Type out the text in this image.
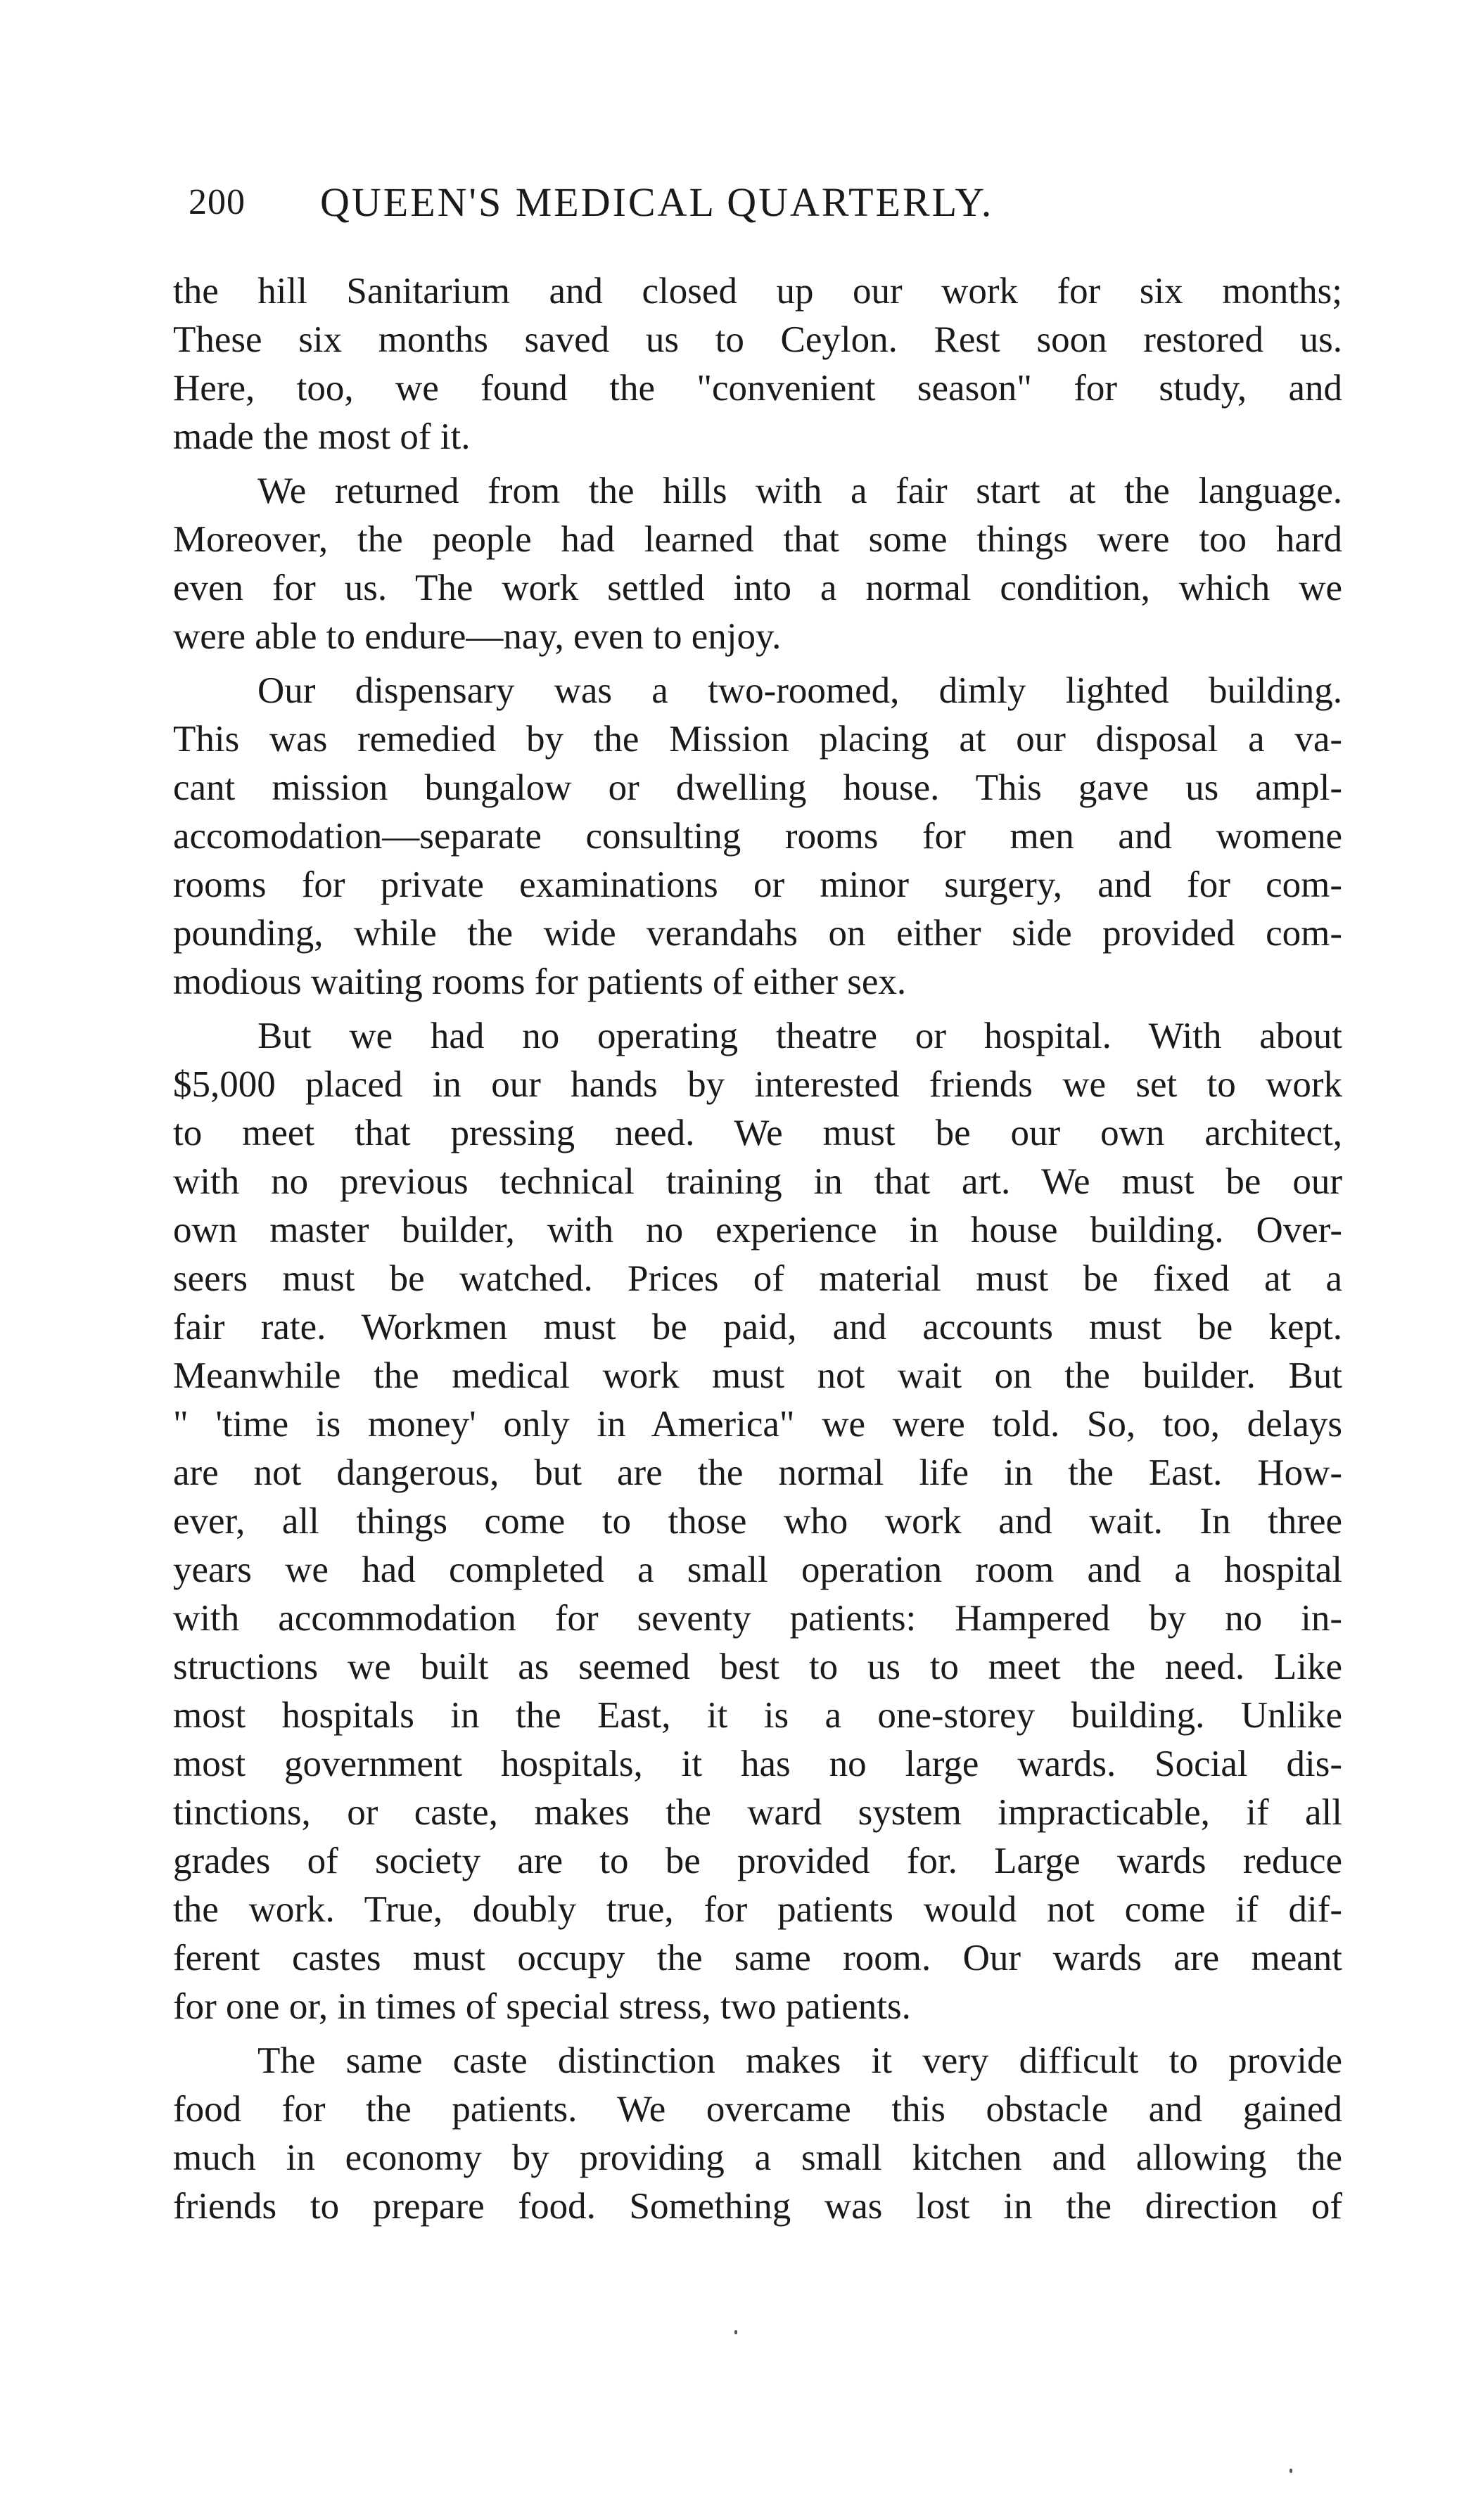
200 QUEEN'S MEDICAL QUARTERLY.

the hill Sanitarium and closed up our work for six months;
These six months saved us to Ceylon. Rest soon restored us.
Here, too, we found the "convenient season" for study, and
made the most of it.

We returned from the hills with a fair start at the language.
Moreover, the people had learned that some things were too hard
even for us. The work settled into a normal condition, which we
were able to endure—nay, even to enjoy.

Our dispensary was a two-roomed, dimly lighted building.
This was remedied by the Mission placing at our disposal a va-
cant mission bungalow or dwelling house. This gave us ampl-
accomodation—separate consulting rooms for men and womene
rooms for private examinations or minor surgery, and for com-
pounding, while the wide verandahs on either side provided com-
modious waiting rooms for patients of either sex.

But we had no operating theatre or hospital. With about
$5,000 placed in our hands by interested friends we set to work
to meet that pressing need. We must be our own architect,
with no previous technical training in that art. We must be our
own master builder, with no experience in house building. Over-
seers must be watched. Prices of material must be fixed at a
fair rate. Workmen must be paid, and accounts must be kept.
Meanwhile the medical work must not wait on the builder. But
" 'time is money' only in America" we were told. So, too, delays
are not dangerous, but are the normal life in the East. How-
ever, all things come to those who work and wait. In three
years we had completed a small operation room and a hospital
with accommodation for seventy patients: Hampered by no in-
structions we built as seemed best to us to meet the need. Like
most hospitals in the East, it is a one-storey building. Unlike
most government hospitals, it has no large wards. Social dis-
tinctions, or caste, makes the ward system impracticable, if all
grades of society are to be provided for. Large wards reduce
the work. True, doubly true, for patients would not come if dif-
ferent castes must occupy the same room. Our wards are meant
for one or, in times of special stress, two patients.

The same caste distinction makes it very difficult to provide
food for the patients. We overcame this obstacle and gained
much in economy by providing a small kitchen and allowing the
friends to prepare food. Something was lost in the direction of
